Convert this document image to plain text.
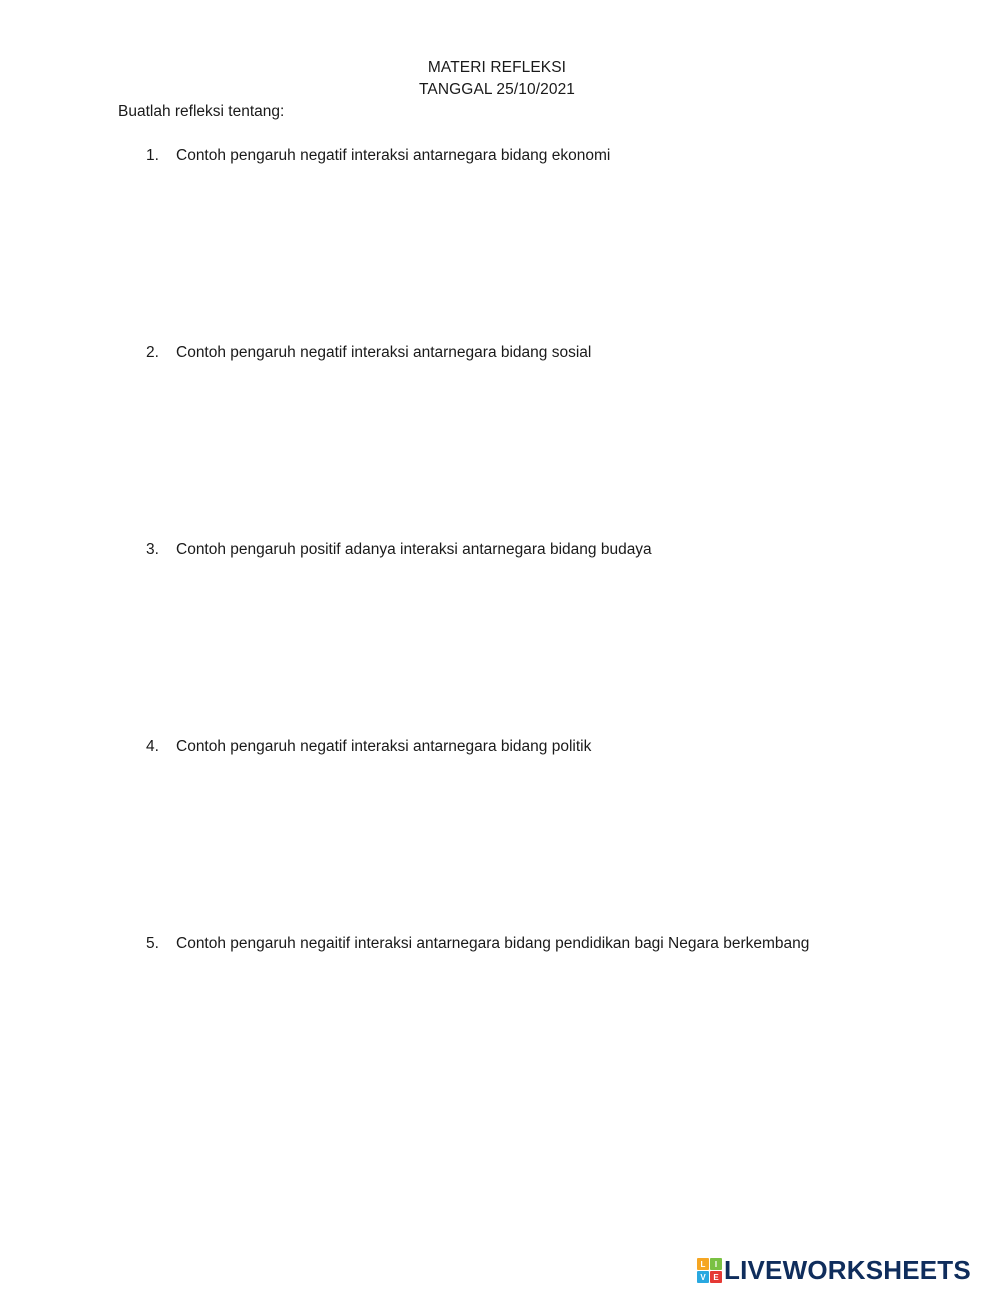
MATERI REFLEKSI
TANGGAL 25/10/2021
Buatlah refleksi tentang:
1. Contoh pengaruh negatif interaksi antarnegara bidang ekonomi
2. Contoh pengaruh negatif interaksi antarnegara bidang sosial
3. Contoh pengaruh positif adanya interaksi antarnegara bidang budaya
4. Contoh pengaruh negatif interaksi antarnegara bidang politik
5. Contoh pengaruh negaitif interaksi antarnegara bidang pendidikan bagi Negara berkembang
L	I
V E LIVEWORKSHEETS
